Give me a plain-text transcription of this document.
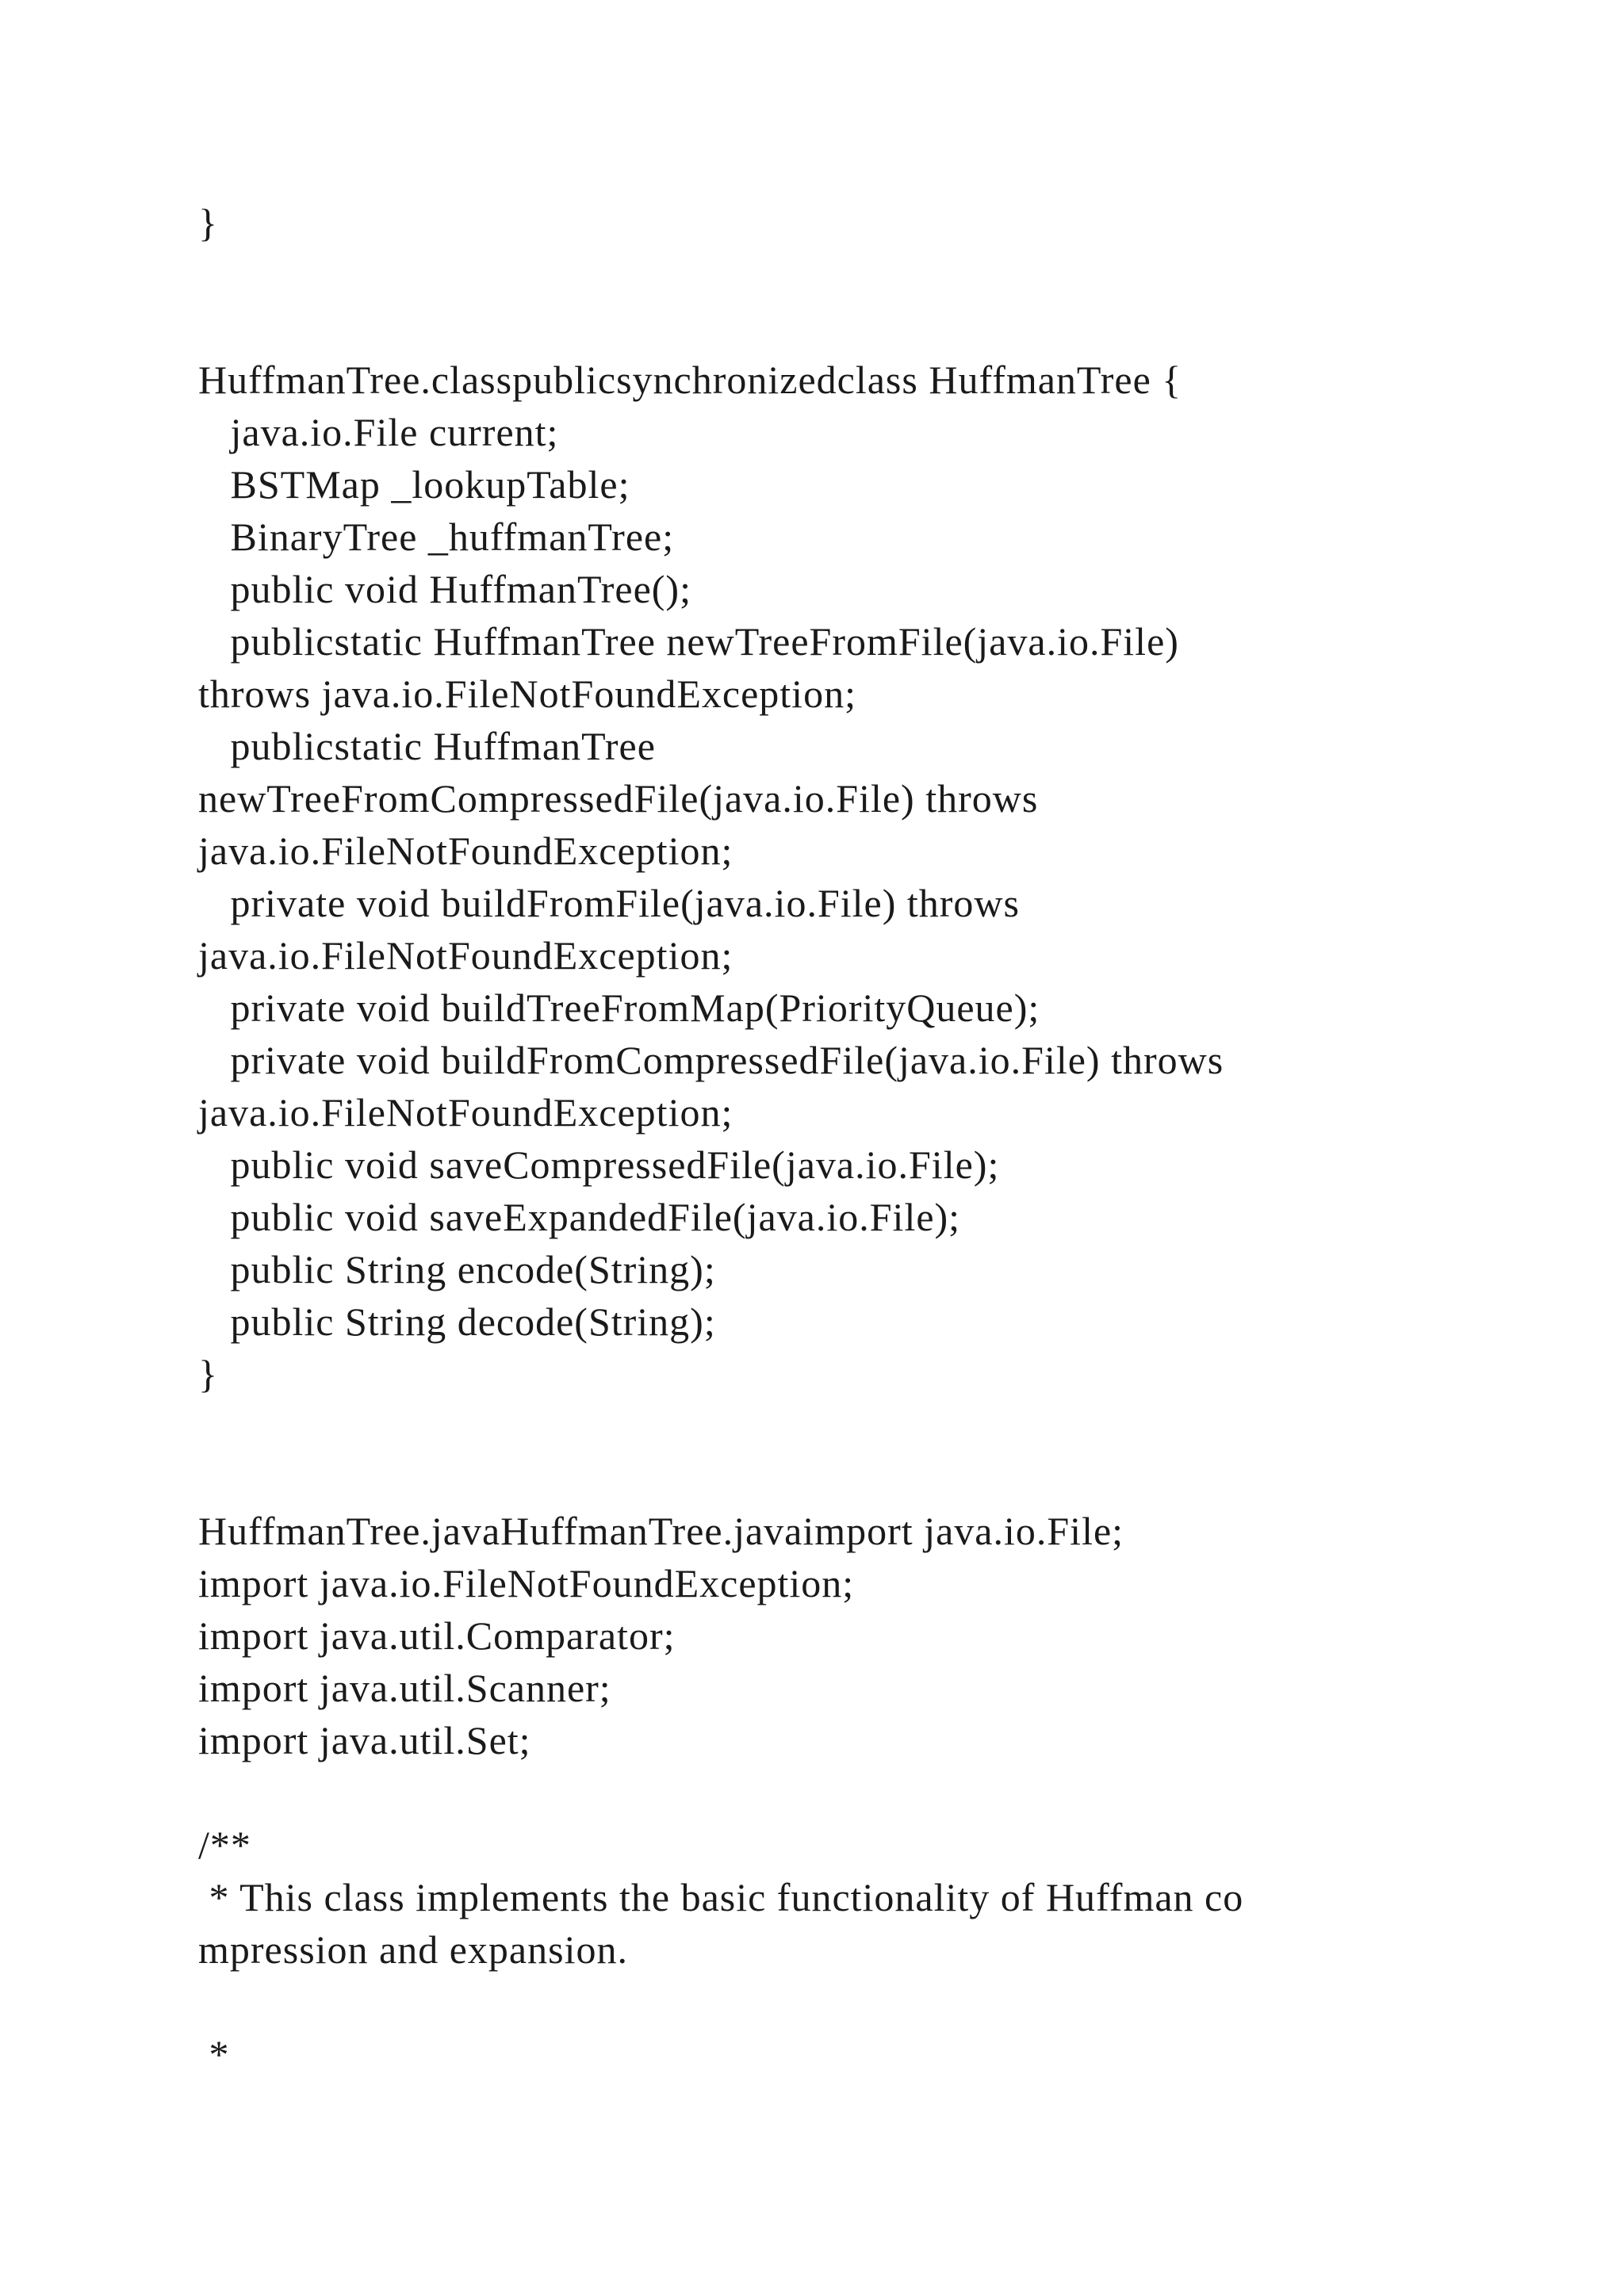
}

HuffmanTree.classpublicsynchronizedclass HuffmanTree {

java.io.File current;

BSTMap _lookupTable;

BinaryTree _huffmanTree;

public void HuffmanTree();

publicstatic HuffmanTree newTreeFromFile(java.io.File)

throws java.io.FileNotFoundException;

publicstatic HuffmanTree

newTreeFromCompressedFile(java.io.File) throws

java.io.FileNotFoundException;

private void buildFromFile(java.io.File) throws

java.io.FileNotFoundException;

private void buildTreeFromMap(PriorityQueue);

private void buildFromCompressedFile(java.io.File) throws

java.io.FileNotFoundException;

public void saveCompressedFile(java.io.File);

public void saveExpandedFile(java.io.File);

public String encode(String);

public String decode(String);

}

HuffmanTree.javaHuffmanTree.javaimport java.io.File;

import java.io.FileNotFoundException;

import java.util.Comparator;

import java.util.Scanner;

import java.util.Set;

/**

* This class implements the basic functionality of Huffman co

mpression and expansion.

*
